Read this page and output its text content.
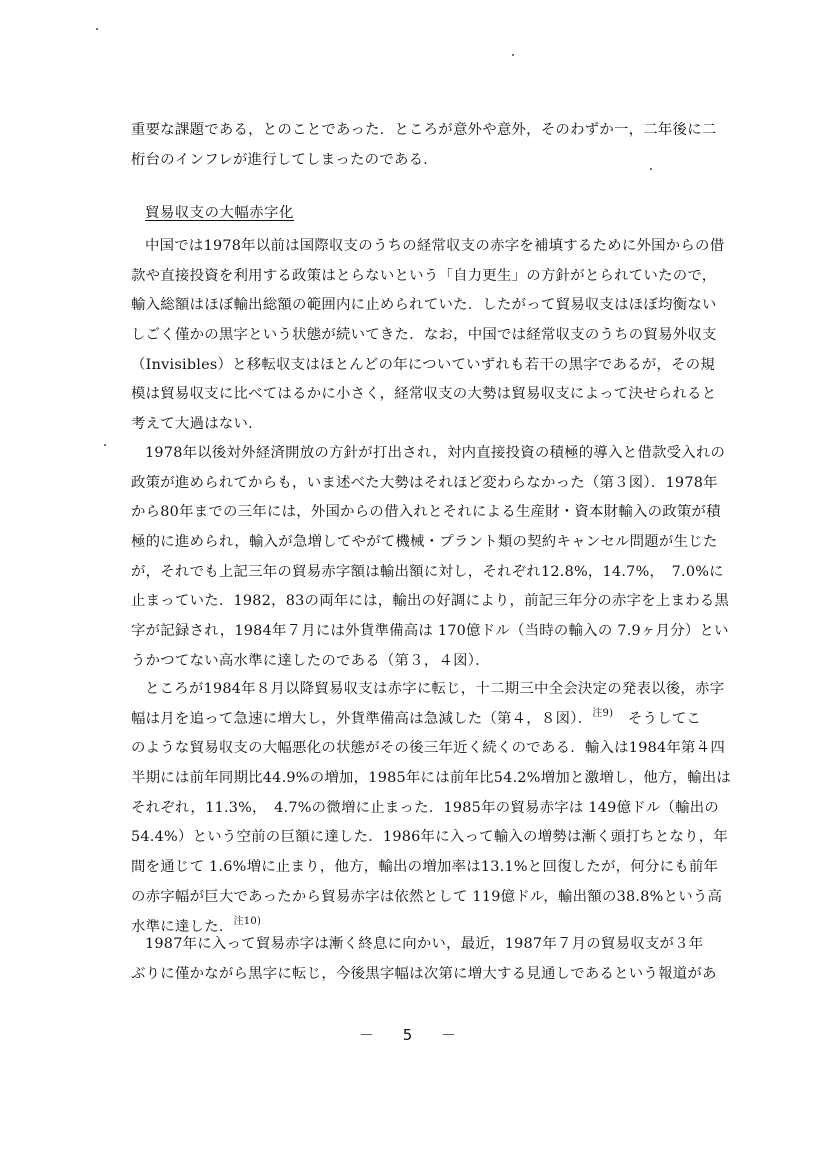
重要な課題である，とのことであった．ところが意外や意外，そのわずか一，二年後に二
桁台のインフレが進行してしまったのである．
貿易収支の大幅赤字化
中国では1978年以前は国際収支のうちの経常収支の赤字を補填するために外国からの借
款や直接投資を利用する政策はとらないという「自力更生」の方針がとられていたので，
輸入総額はほぼ輸出総額の範囲内に止められていた．したがって貿易収支はほぼ均衡ない
しごく僅かの黒字という状態が続いてきた．なお，中国では経常収支のうちの貿易外収支
（Invisibles）と移転収支はほとんどの年についていずれも若干の黒字であるが，その規
模は貿易収支に比べてはるかに小さく，経常収支の大勢は貿易収支によって決せられると
考えて大過はない．
1978年以後対外経済開放の方針が打出され，対内直接投資の積極的導入と借款受入れの
政策が進められてからも，いま述べた大勢はそれほど変わらなかった（第３図）．1978年
から80年までの三年には，外国からの借入れとそれによる生産財・資本財輸入の政策が積
極的に進められ，輸入が急増してやがて機械・プラント類の契約キャンセル問題が生じた
が，それでも上記三年の貿易赤字額は輸出額に対し，それぞれ12.8%，14.7%，　7.0%に
止まっていた．1982，83の両年には，輸出の好調により，前記三年分の赤字を上まわる黒
字が記録され，1984年７月には外貨準備高は 170億ドル（当時の輸入の 7.9ヶ月分）とい
うかつてない高水準に達したのである（第３，４図）．
ところが1984年８月以降貿易収支は赤字に転じ，十二期三中全会決定の発表以後，赤字
幅は月を追って急速に増大し，外貨準備高は急減した（第４，８図）．$^{注9)}$　そうしてこ
のような貿易収支の大幅悪化の状態がその後三年近く続くのである．輸入は1984年第４四
半期には前年同期比44.9%の増加，1985年には前年比54.2%増加と激増し，他方，輸出は
それぞれ，11.3%，　4.7%の微増に止まった．1985年の貿易赤字は 149億ドル（輸出の
54.4%）という空前の巨額に達した．1986年に入って輸入の増勢は漸く頭打ちとなり，年
間を通じて 1.6%増に止まり，他方，輸出の増加率は13.1%と回復したが，何分にも前年
の赤字幅が巨大であったから貿易赤字は依然として 119億ドル，輸出額の38.8%という高
水準に達した．$^{注10)}$
1987年に入って貿易赤字は漸く終息に向かい，最近，1987年７月の貿易収支が３年
ぶりに僅かながら黒字に転じ，今後黒字幅は次第に増大する見通しであるという報道があ
－ 5 －
